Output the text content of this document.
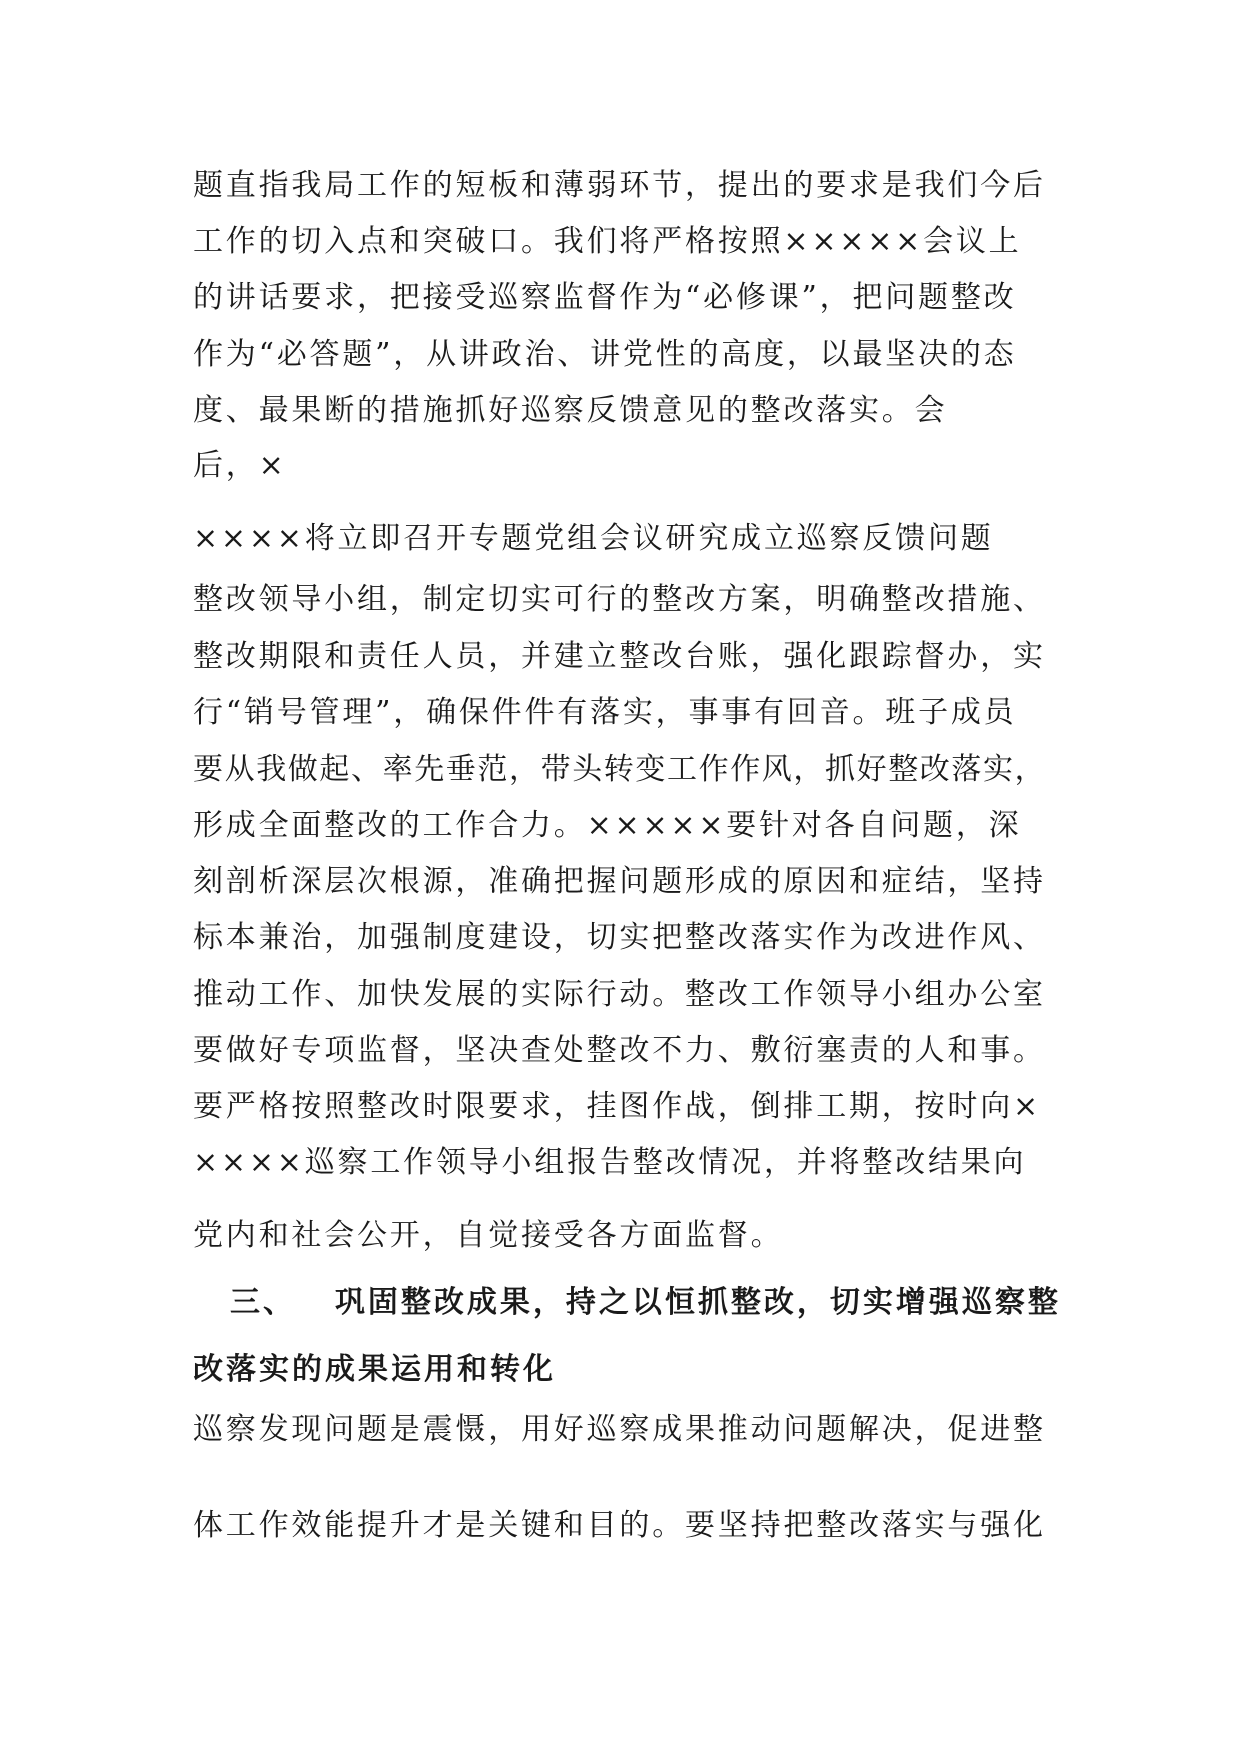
题直指我局工作的短板和薄弱环节，提出的要求是我们今后
工作的切入点和突破口。我们将严格按照×××××会议上
的讲话要求，把接受巡察监督作为“必修课”，把问题整改
作为“必答题”，从讲政治、讲党性的高度，以最坚决的态
度、最果断的措施抓好巡察反馈意见的整改落实。会
后，×
××××将立即召开专题党组会议研究成立巡察反馈问题
整改领导小组，制定切实可行的整改方案，明确整改措施、
整改期限和责任人员，并建立整改台账，强化跟踪督办，实
行“销号管理”，确保件件有落实，事事有回音。班子成员
要从我做起、率先垂范，带头转变工作作风，抓好整改落实，
形成全面整改的工作合力。×××××要针对各自问题，深
刻剖析深层次根源，准确把握问题形成的原因和症结，坚持
标本兼治，加强制度建设，切实把整改落实作为改进作风、
推动工作、加快发展的实际行动。整改工作领导小组办公室
要做好专项监督，坚决查处整改不力、敷衍塞责的人和事。
要严格按照整改时限要求，挂图作战，倒排工期，按时向×
××××巡察工作领导小组报告整改情况，并将整改结果向
党内和社会公开，自觉接受各方面监督。
三、 巩固整改成果，持之以恒抓整改，切实增强巡察整
改落实的成果运用和转化
巡察发现问题是震慑，用好巡察成果推动问题解决，促进整
体工作效能提升才是关键和目的。要坚持把整改落实与强化
